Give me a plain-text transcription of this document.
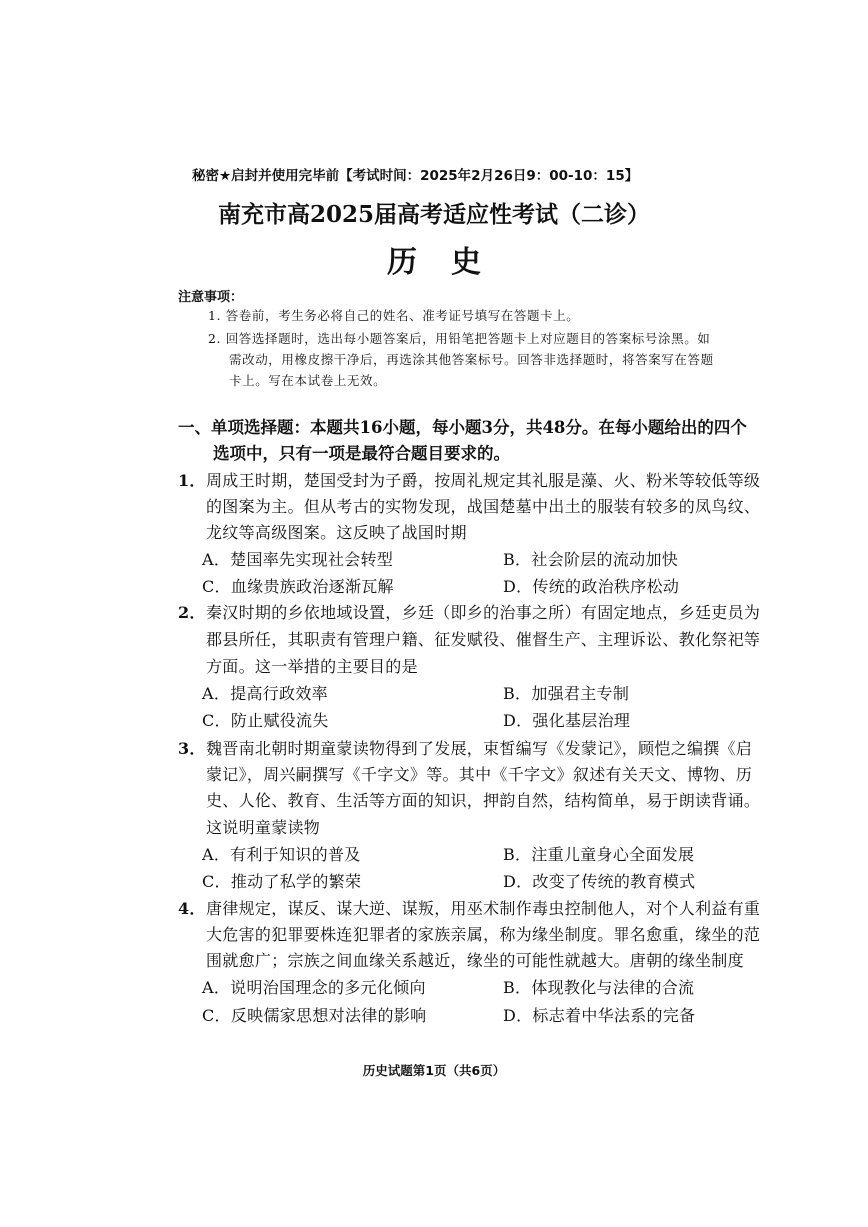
秘密★启封并使用完毕前【考试时间：2025年2月26日9：00-10：15】
南充市高2025届高考适应性考试（二诊）
历史
注意事项：
1. 答卷前，考生务必将自己的姓名、准考证号填写在答题卡上。
2. 回答选择题时，选出每小题答案后，用铅笔把答题卡上对应题目的答案标号涂黑。如
需改动，用橡皮擦干净后，再选涂其他答案标号。回答非选择题时，将答案写在答题
卡上。写在本试卷上无效。
一、单项选择题：本题共16小题，每小题3分，共48分。在每小题给出的四个
选项中，只有一项是最符合题目要求的。
1． 周成王时期，楚国受封为子爵，按周礼规定其礼服是藻、火、粉米等较低等级
的图案为主。但从考古的实物发现，战国楚墓中出土的服装有较多的凤鸟纹、
龙纹等高级图案。这反映了战国时期
A．楚国率先实现社会转型	B．社会阶层的流动加快
C．血缘贵族政治逐渐瓦解	D．传统的政治秩序松动
2． 秦汉时期的乡依地域设置，乡廷（即乡的治事之所）有固定地点，乡廷吏员为
郡县所任，其职责有管理户籍、征发赋役、催督生产、主理诉讼、教化祭祀等
方面。这一举措的主要目的是
A．提高行政效率	B．加强君主专制
C．防止赋役流失	D．强化基层治理
3． 魏晋南北朝时期童蒙读物得到了发展，束皙编写《发蒙记》，顾恺之编撰《启
蒙记》，周兴嗣撰写《千字文》等。其中《千字文》叙述有关天文、博物、历
史、人伦、教育、生活等方面的知识，押韵自然，结构简单，易于朗读背诵。
这说明童蒙读物
A．有利于知识的普及	B．注重儿童身心全面发展
C．推动了私学的繁荣	D．改变了传统的教育模式
4． 唐律规定，谋反、谋大逆、谋叛，用巫术制作毒虫控制他人，对个人利益有重
大危害的犯罪要株连犯罪者的家族亲属，称为缘坐制度。罪名愈重，缘坐的范
围就愈广；宗族之间血缘关系越近，缘坐的可能性就越大。唐朝的缘坐制度
A．说明治国理念的多元化倾向	B．体现教化与法律的合流
C．反映儒家思想对法律的影响	D．标志着中华法系的完备
历史试题第1页（共6页）
